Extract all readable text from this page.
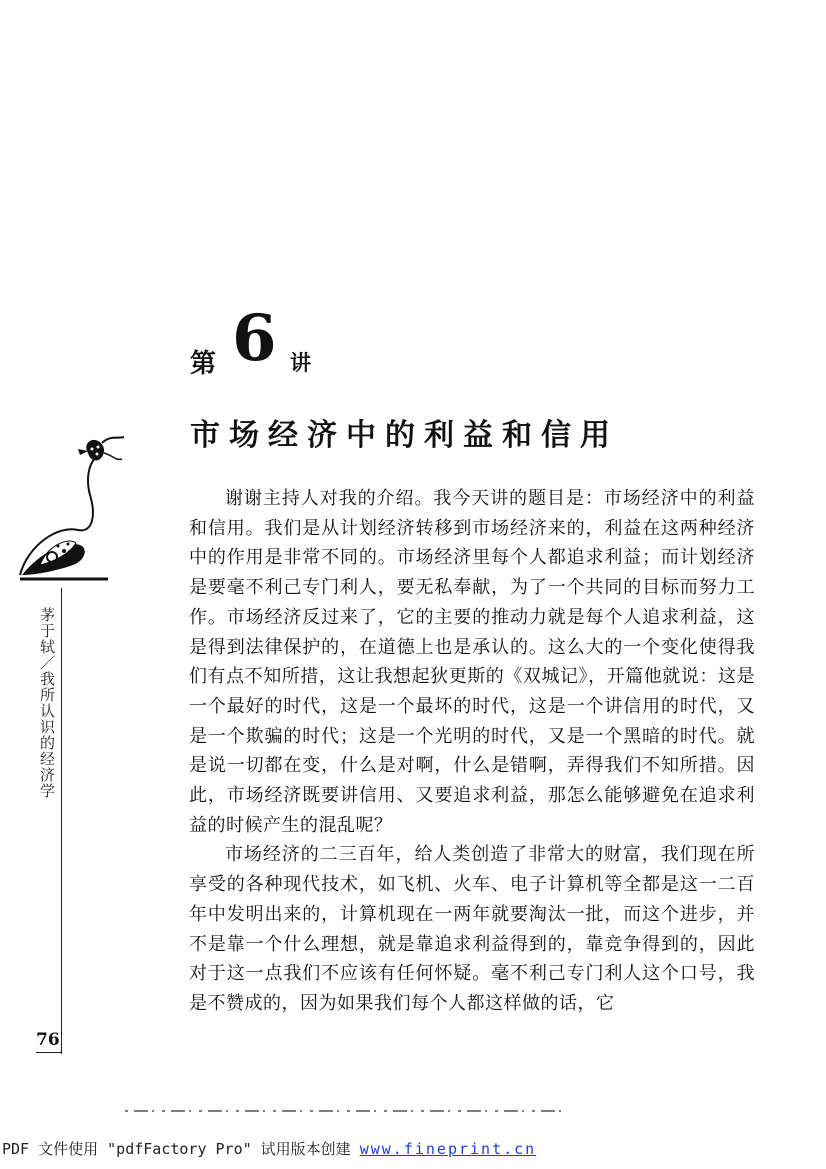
第 6 讲
市场经济中的利益和信用
茅于轼／我所认识的经济学

谢谢主持人对我的介绍。我今天讲的题目是：市场经济中的利益和信用。我们是从计划经济转移到市场经济来的，利益在这两种经济中的作用是非常不同的。市场经济里每个人都追求利益；而计划经济是要毫不利己专门利人，要无私奉献，为了一个共同的目标而努力工作。市场经济反过来了，它的主要的推动力就是每个人追求利益，这是得到法律保护的，在道德上也是承认的。这么大的一个变化使得我们有点不知所措，这让我想起狄更斯的《双城记》，开篇他就说：这是一个最好的时代，这是一个最坏的时代，这是一个讲信用的时代，又是一个欺骗的时代；这是一个光明的时代，又是一个黑暗的时代。就是说一切都在变，什么是对啊，什么是错啊，弄得我们不知所措。因此，市场经济既要讲信用、又要追求利益，那怎么能够避免在追求利益的时候产生的混乱呢？

市场经济的二三百年，给人类创造了非常大的财富，我们现在所享受的各种现代技术，如飞机、火车、电子计算机等全都是这一二百年中发明出来的，计算机现在一两年就要淘汰一批，而这个进步，并不是靠一个什么理想，就是靠追求利益得到的，靠竞争得到的，因此对于这一点我们不应该有任何怀疑。毫不利己专门利人这个口号，我是不赞成的，因为如果我们每个人都这样做的话，它

76
PDF 文件使用 "pdfFactory Pro" 试用版本创建 www.fineprint.cn
